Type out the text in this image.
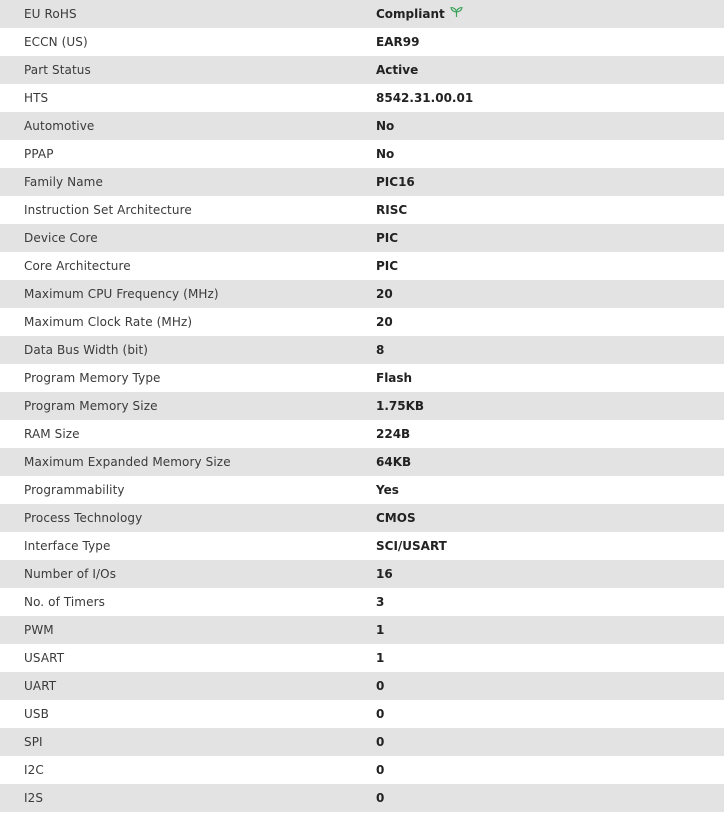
EU RoHS	Compliant
ECCN (US)	EAR99
Part Status	Active
HTS	8542.31.00.01
Automotive	No
PPAP	No
Family Name	PIC16
Instruction Set Architecture	RISC
Device Core	PIC
Core Architecture	PIC
Maximum CPU Frequency (MHz)	20
Maximum Clock Rate (MHz)	20
Data Bus Width (bit)	8
Program Memory Type	Flash
Program Memory Size	1.75KB
RAM Size	224B
Maximum Expanded Memory Size	64KB
Programmability	Yes
Process Technology	CMOS
Interface Type	SCI/USART
Number of I/Os	16
No. of Timers	3
PWM	1
USART	1
UART	0
USB	0
SPI	0
I2C	0
I2S	0
